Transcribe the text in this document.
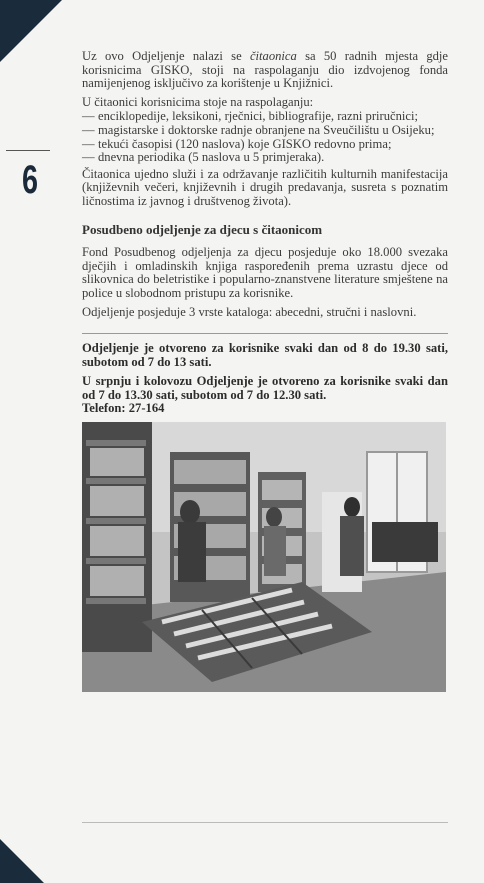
6

Uz ovo Odjeljenje nalazi se čitaonica sa 50 radnih mjesta gdje korisnicima GISKO, stoji na raspolaganju dio izdvojenog fonda namijenjenog isključivo za korištenje u Knjižnici.

U čitaonici korisnicima stoje na raspolaganju:

— enciklopedije, leksikoni, rječnici, bibliografije, razni priručnici;
— magistarske i doktorske radnje obranjene na Sveučilištu u Osijeku;
— tekući časopisi (120 naslova) koje GISKO redovno prima;
— dnevna periodika (5 naslova u 5 primjeraka).

Čitaonica ujedno služi i za održavanje različitih kulturnih manifestacija (književnih večeri, književnih i drugih predavanja, susreta s poznatim ličnostima iz javnog i društvenog života).

Posudbeno odjeljenje za djecu s čitaonicom

Fond Posudbenog odjeljenja za djecu posjeduje oko 18.000 svezaka dječjih i omladinskih knjiga raspoređenih prema uzrastu djece od slikovnica do beletristike i popularno-znanstvene literature smještene na police u slobodnom pristupu za korisnike.

Odjeljenje posjeduje 3 vrste kataloga: abecedni, stručni i naslovni.

Odjeljenje je otvoreno za korisnike svaki dan od 8 do 19.30 sati, subotom od 7 do 13 sati.

U srpnju i kolovozu Odjeljenje je otvoreno za korisnike svaki dan od 7 do 13.30 sati, subotom od 7 do 12.30 sati.

Telefon: 27-164
